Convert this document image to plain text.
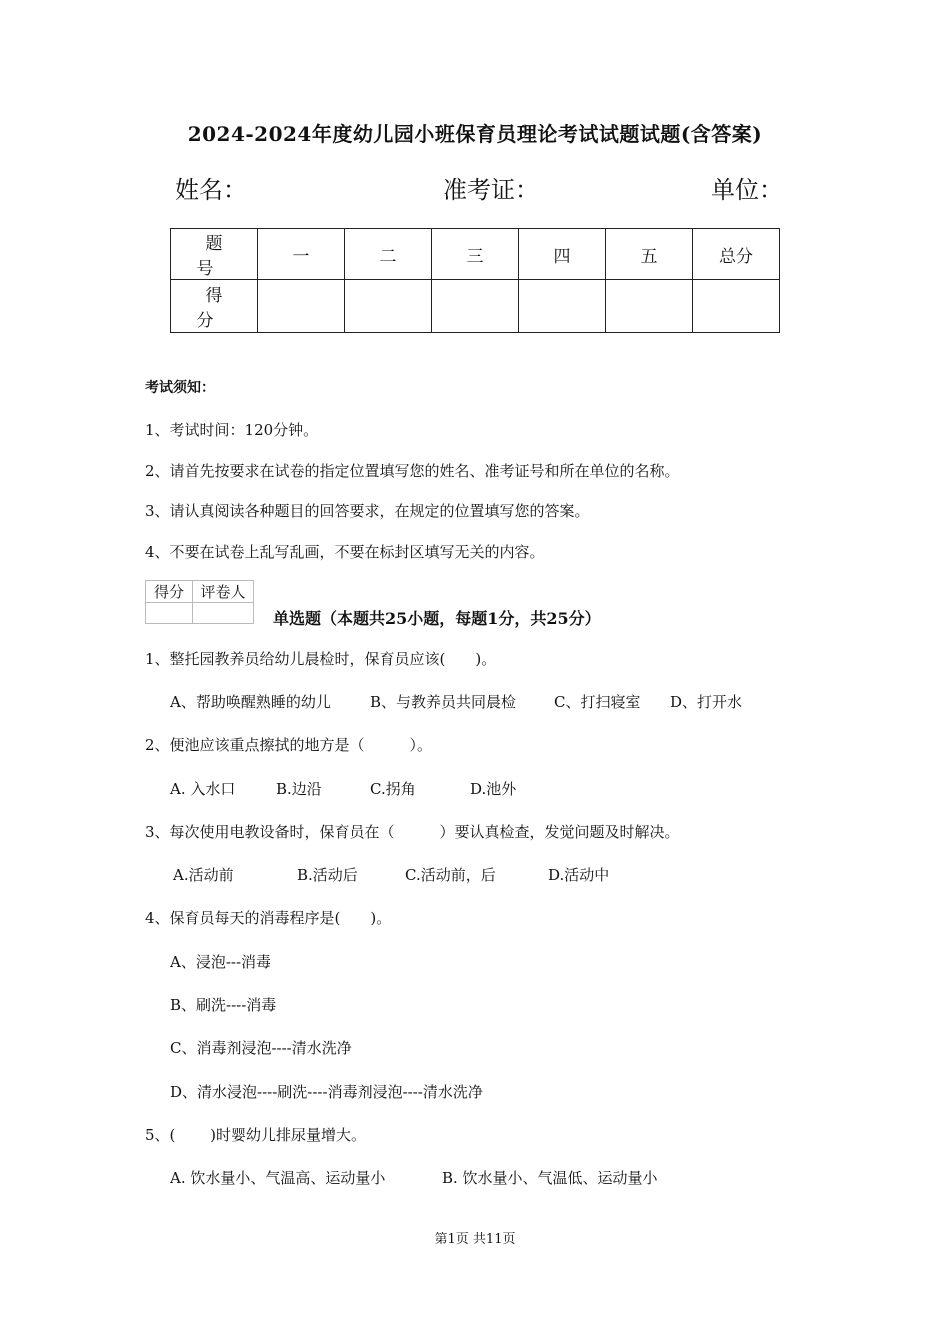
2024-2024年度幼儿园小班保育员理论考试试题试题(含答案)
姓名：	准考证：	单位：
题号	一	二	三	四	五	总分
得分						
考试须知：
1、考试时间：120分钟。
2、请首先按要求在试卷的指定位置填写您的姓名、准考证号和所在单位的名称。
3、请认真阅读各种题目的回答要求，在规定的位置填写您的答案。
4、不要在试卷上乱写乱画，不要在标封区填写无关的内容。
得分	评卷人

单选题（本题共25小题，每题1分，共25分）
1、整托园教养员给幼儿晨检时，保育员应该(　　)。
A、帮助唤醒熟睡的幼儿	B、与教养员共同晨检	C、打扫寝室 D、打开水
2、便池应该重点擦拭的地方是（　　　）。
A. 入水口	B.边沿	C.拐角	D.池外
3、每次使用电教设备时，保育员在（　　　）要认真检查，发觉问题及时解决。
A.活动前	B.活动后	C.活动前，后	D.活动中
4、保育员每天的消毒程序是(　　)。
A、浸泡---消毒
B、刷洗----消毒
C、消毒剂浸泡----清水洗净
D、清水浸泡----刷洗----消毒剂浸泡----清水洗净
5、(　　 )时婴幼儿排尿量增大。
A. 饮水量小、气温高、运动量小	B. 饮水量小、气温低、运动量小
第1页 共11页
